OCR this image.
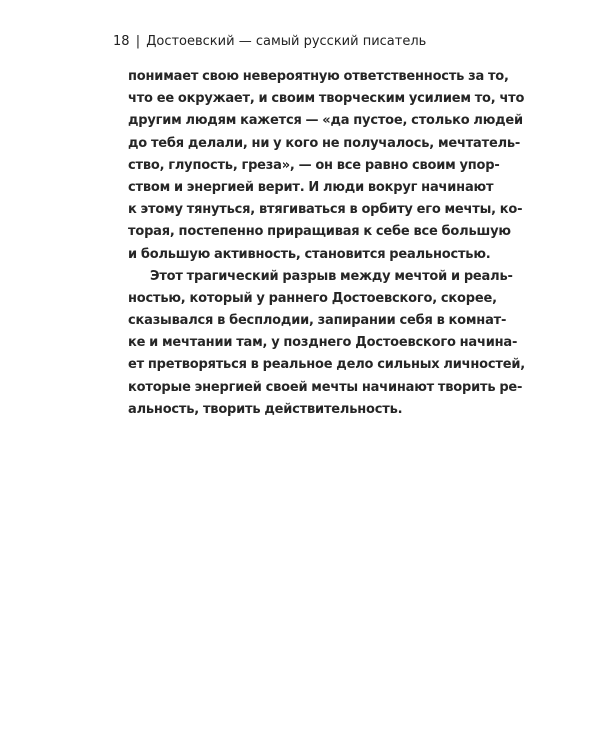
18 | Достоевский — самый русский писатель
понимает свою невероятную ответственность за то,
что ее окружает, и своим творческим усилием то, что
другим людям кажется — «да пустое, столько людей
до тебя делали, ни у кого не получалось, мечтатель-
ство, глупость, греза», — он все равно своим упор-
ством и энергией верит. И люди вокруг начинают
к этому тянуться, втягиваться в орбиту его мечты, ко-
торая, постепенно приращивая к себе все большую
и большую активность, становится реальностью.
Этот трагический разрыв между мечтой и реаль-
ностью, который у раннего Достоевского, скорее,
сказывался в бесплодии, запирании себя в комнат-
ке и мечтании там, у позднего Достоевского начина-
ет претворяться в реальное дело сильных личностей,
которые энергией своей мечты начинают творить ре-
альность, творить действительность.
